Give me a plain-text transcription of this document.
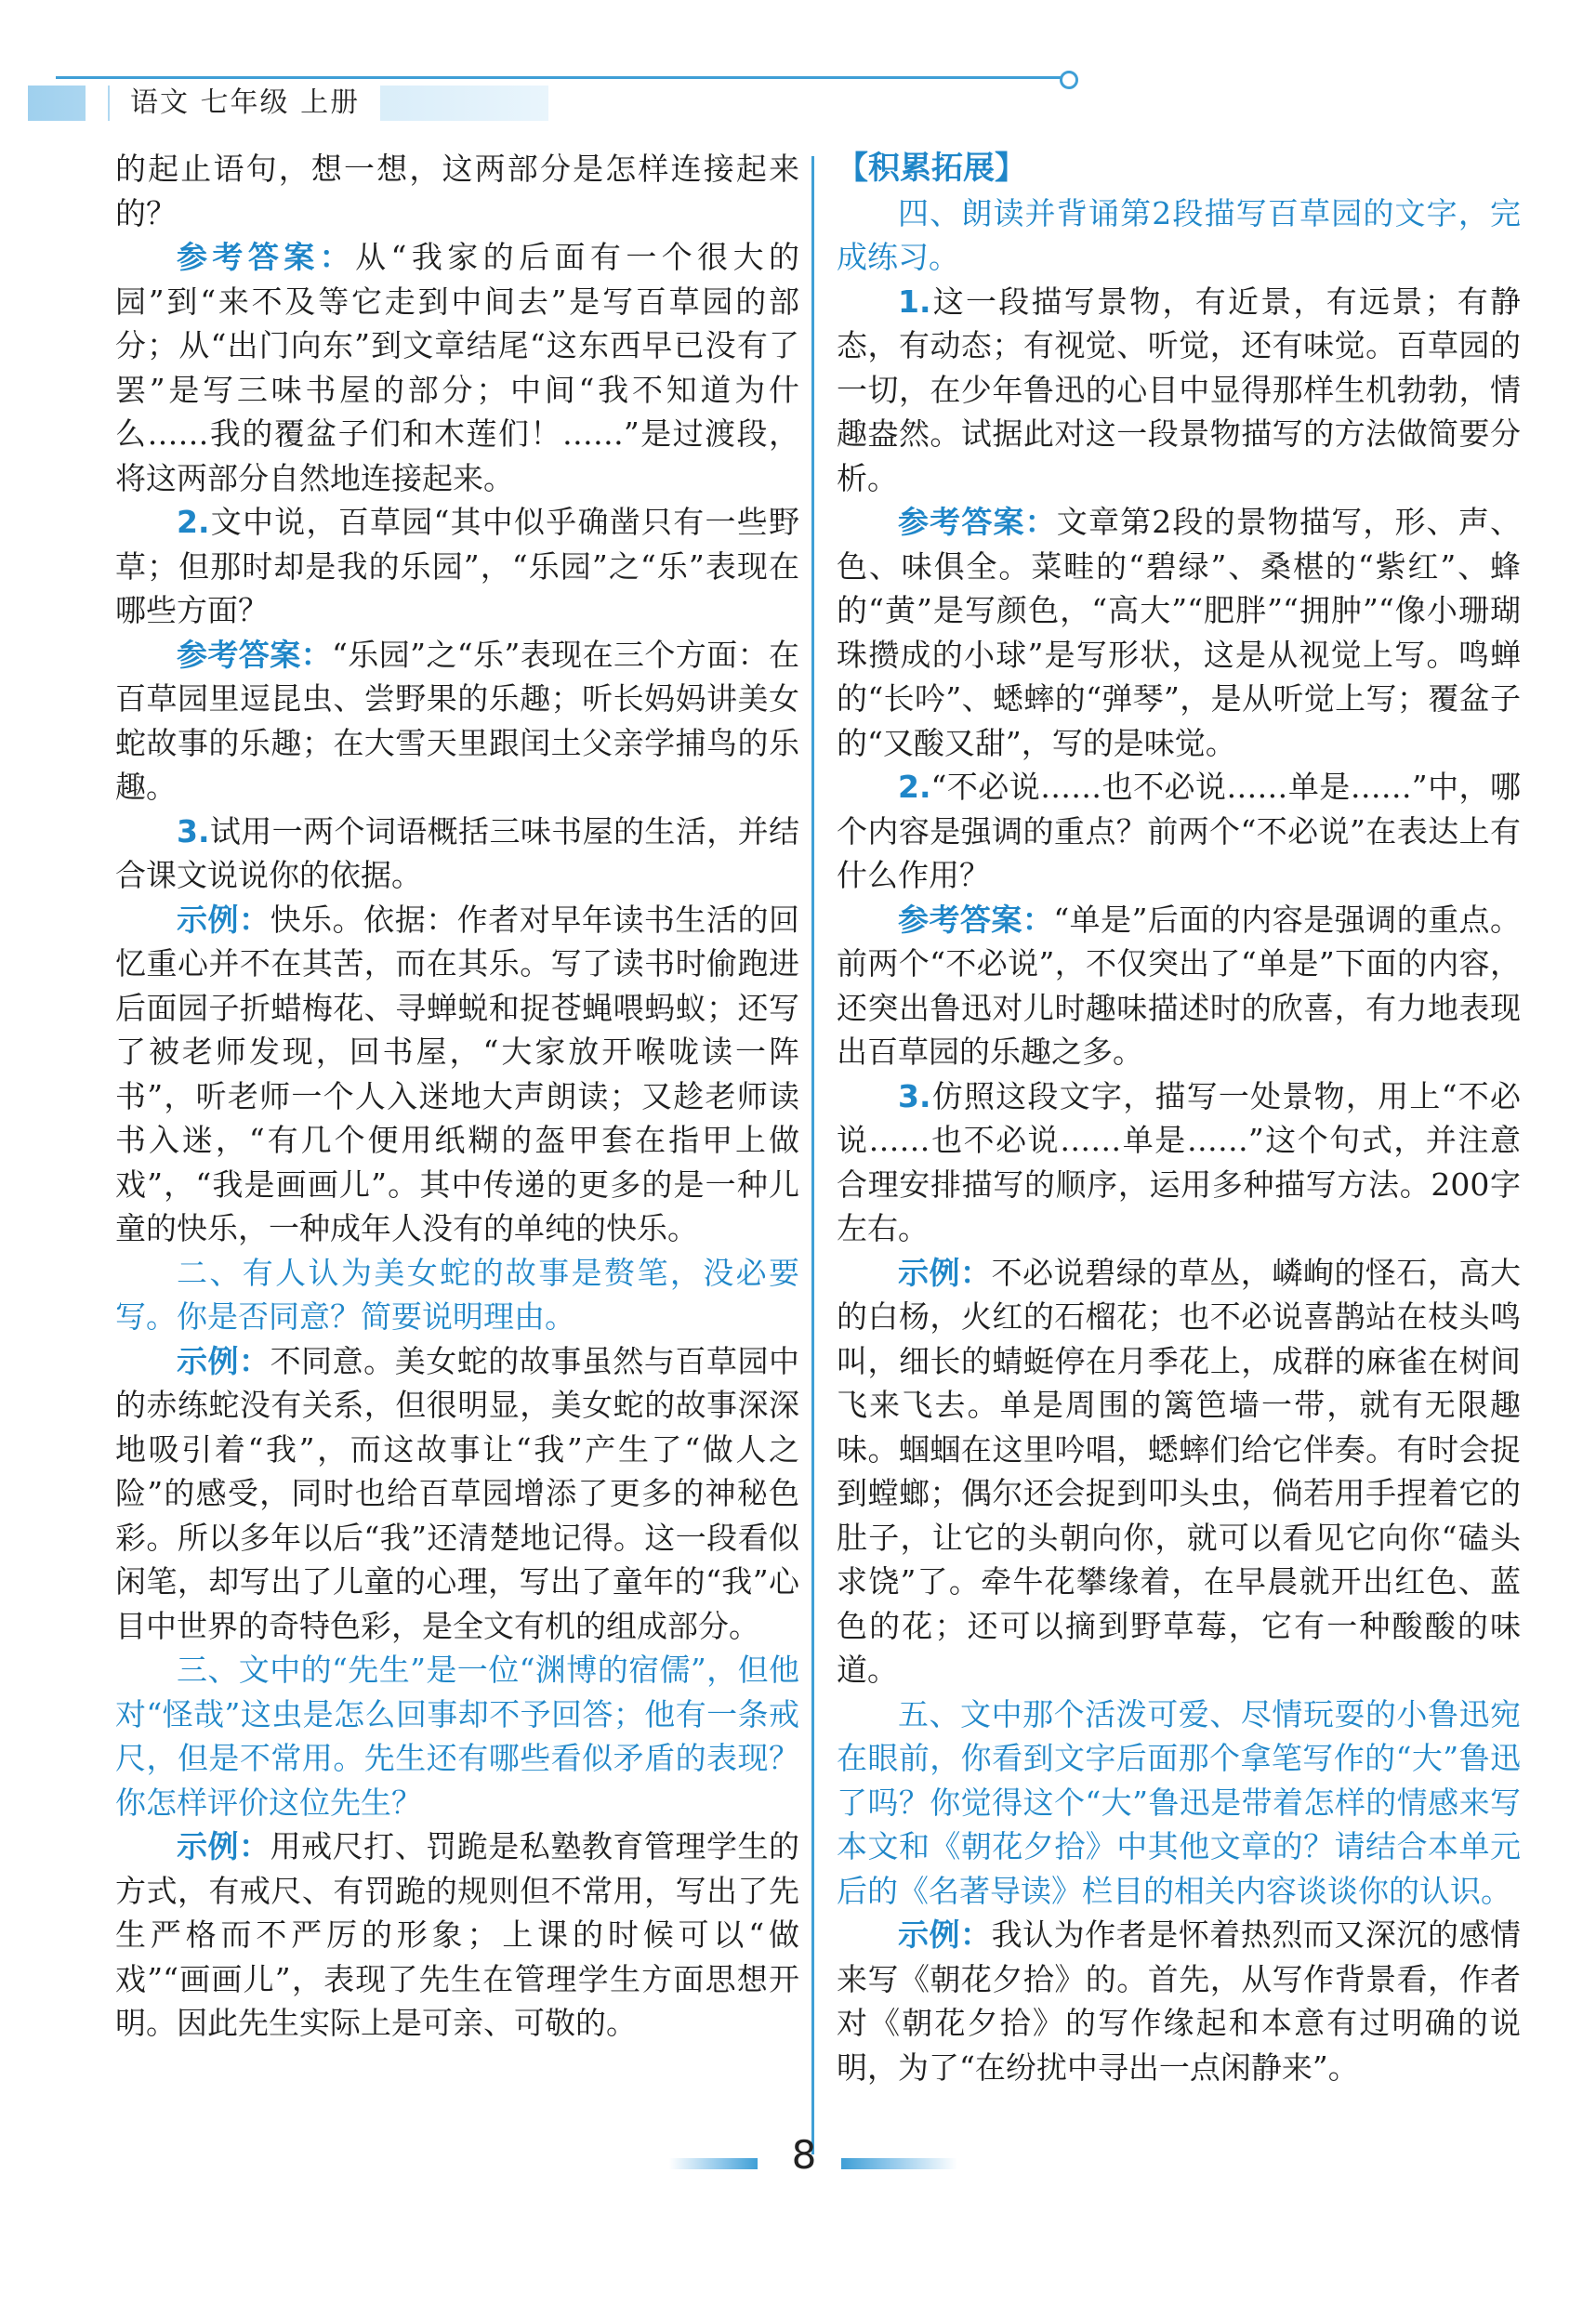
语文 七年级 上册

的起止语句，想一想，这两部分是怎样连接起来的？

参考答案：从“我家的后面有一个很大的园”到“来不及等它走到中间去”是写百草园的部分；从“出门向东”到文章结尾“这东西早已没有了罢”是写三味书屋的部分；中间“我不知道为什么……我的覆盆子们和木莲们！……”是过渡段，将这两部分自然地连接起来。

2.文中说，百草园“其中似乎确凿只有一些野草；但那时却是我的乐园”，“乐园”之“乐”表现在哪些方面？

参考答案：“乐园”之“乐”表现在三个方面：在百草园里逗昆虫、尝野果的乐趣；听长妈妈讲美女蛇故事的乐趣；在大雪天里跟闰土父亲学捕鸟的乐趣。

3.试用一两个词语概括三味书屋的生活，并结合课文说说你的依据。

示例：快乐。依据：作者对早年读书生活的回忆重心并不在其苦，而在其乐。写了读书时偷跑进后面园子折蜡梅花、寻蝉蜕和捉苍蝇喂蚂蚁；还写了被老师发现，回书屋，“大家放开喉咙读一阵书”，听老师一个人入迷地大声朗读；又趁老师读书入迷，“有几个便用纸糊的盔甲套在指甲上做戏”，“我是画画儿”。其中传递的更多的是一种儿童的快乐，一种成年人没有的单纯的快乐。

二、有人认为美女蛇的故事是赘笔，没必要写。你是否同意？简要说明理由。

示例：不同意。美女蛇的故事虽然与百草园中的赤练蛇没有关系，但很明显，美女蛇的故事深深地吸引着“我”，而这故事让“我”产生了“做人之险”的感受，同时也给百草园增添了更多的神秘色彩。所以多年以后“我”还清楚地记得。这一段看似闲笔，却写出了儿童的心理，写出了童年的“我”心目中世界的奇特色彩，是全文有机的组成部分。

三、文中的“先生”是一位“渊博的宿儒”，但他对“怪哉”这虫是怎么回事却不予回答；他有一条戒尺，但是不常用。先生还有哪些看似矛盾的表现？你怎样评价这位先生？

示例：用戒尺打、罚跪是私塾教育管理学生的方式，有戒尺、有罚跪的规则但不常用，写出了先生严格而不严厉的形象；上课的时候可以“做戏”“画画儿”，表现了先生在管理学生方面思想开明。因此先生实际上是可亲、可敬的。

【积累拓展】

四、朗读并背诵第2段描写百草园的文字，完成练习。

1.这一段描写景物，有近景，有远景；有静态，有动态；有视觉、听觉，还有味觉。百草园的一切，在少年鲁迅的心目中显得那样生机勃勃，情趣盎然。试据此对这一段景物描写的方法做简要分析。

参考答案：文章第2段的景物描写，形、声、色、味俱全。菜畦的“碧绿”、桑椹的“紫红”、蜂的“黄”是写颜色，“高大”“肥胖”“拥肿”“像小珊瑚珠攒成的小球”是写形状，这是从视觉上写。鸣蝉的“长吟”、蟋蟀的“弹琴”，是从听觉上写；覆盆子的“又酸又甜”，写的是味觉。

2.“不必说……也不必说……单是……”中，哪个内容是强调的重点？前两个“不必说”在表达上有什么作用？

参考答案：“单是”后面的内容是强调的重点。前两个“不必说”，不仅突出了“单是”下面的内容，还突出鲁迅对儿时趣味描述时的欣喜，有力地表现出百草园的乐趣之多。

3.仿照这段文字，描写一处景物，用上“不必说……也不必说……单是……”这个句式，并注意合理安排描写的顺序，运用多种描写方法。200字左右。

示例：不必说碧绿的草丛，嶙峋的怪石，高大的白杨，火红的石榴花；也不必说喜鹊站在枝头鸣叫，细长的蜻蜓停在月季花上，成群的麻雀在树间飞来飞去。单是周围的篱笆墙一带，就有无限趣味。蝈蝈在这里吟唱，蟋蟀们给它伴奏。有时会捉到螳螂；偶尔还会捉到叩头虫，倘若用手捏着它的肚子，让它的头朝向你，就可以看见它向你“磕头求饶”了。牵牛花攀缘着，在早晨就开出红色、蓝色的花；还可以摘到野草莓，它有一种酸酸的味道。

五、文中那个活泼可爱、尽情玩耍的小鲁迅宛在眼前，你看到文字后面那个拿笔写作的“大”鲁迅了吗？你觉得这个“大”鲁迅是带着怎样的情感来写本文和《朝花夕拾》中其他文章的？请结合本单元后的《名著导读》栏目的相关内容谈谈你的认识。

示例：我认为作者是怀着热烈而又深沉的感情来写《朝花夕拾》的。首先，从写作背景看，作者对《朝花夕拾》的写作缘起和本意有过明确的说明，为了“在纷扰中寻出一点闲静来”。

8
